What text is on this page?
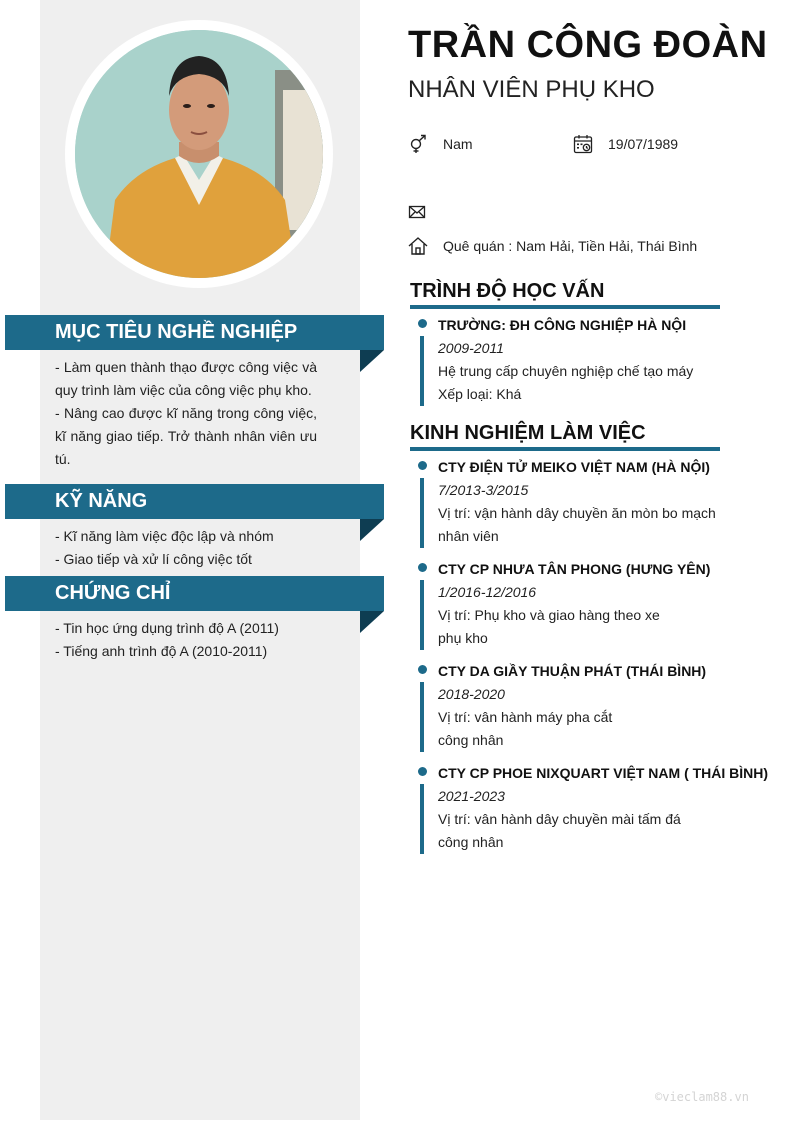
MỤC TIÊU NGHỀ NGHIỆP

- Làm quen thành thạo được công việc và quy trình làm việc của công việc phụ kho.

- Nâng cao được kĩ năng trong công việc, kĩ năng giao tiếp. Trở thành nhân viên ưu tú.

KỸ NĂNG

- Kĩ năng làm việc độc lập và nhóm

- Giao tiếp và xử lí công việc tốt

CHỨNG CHỈ

- Tin học ứng dụng trình độ A (2011)

- Tiếng anh trình độ A (2010-2011)

TRẦN CÔNG ĐOÀN
NHÂN VIÊN PHỤ KHO
Nam	19/07/1989
Quê quán : Nam Hải, Tiền Hải, Thái Bình
TRÌNH ĐỘ HỌC VẤN
TRƯỜNG: ĐH CÔNG NGHIỆP HÀ NỘI
2009-2011
Hệ trung cấp chuyên nghiệp chế tạo máy
Xếp loại: Khá
KINH NGHIỆM LÀM VIỆC
CTY ĐIỆN TỬ MEIKO VIỆT NAM (HÀ NỘI)
7/2013-3/2015
Vị trí: vận hành dây chuyền ăn mòn bo mạch
nhân viên
CTY CP NHƯA TÂN PHONG (HƯNG YÊN)
1/2016-12/2016
Vị trí: Phụ kho và giao hàng theo xe
phụ kho
CTY DA GIẦY THUẬN PHÁT (THÁI BÌNH)
2018-2020
Vị trí: vân hành máy pha cắt
công nhân
CTY CP PHOE NIXQUART VIỆT NAM ( THÁI BÌNH)
2021-2023
Vị trí: vân hành dây chuyền mài tấm đá
công nhân
©vieclam88.vn
